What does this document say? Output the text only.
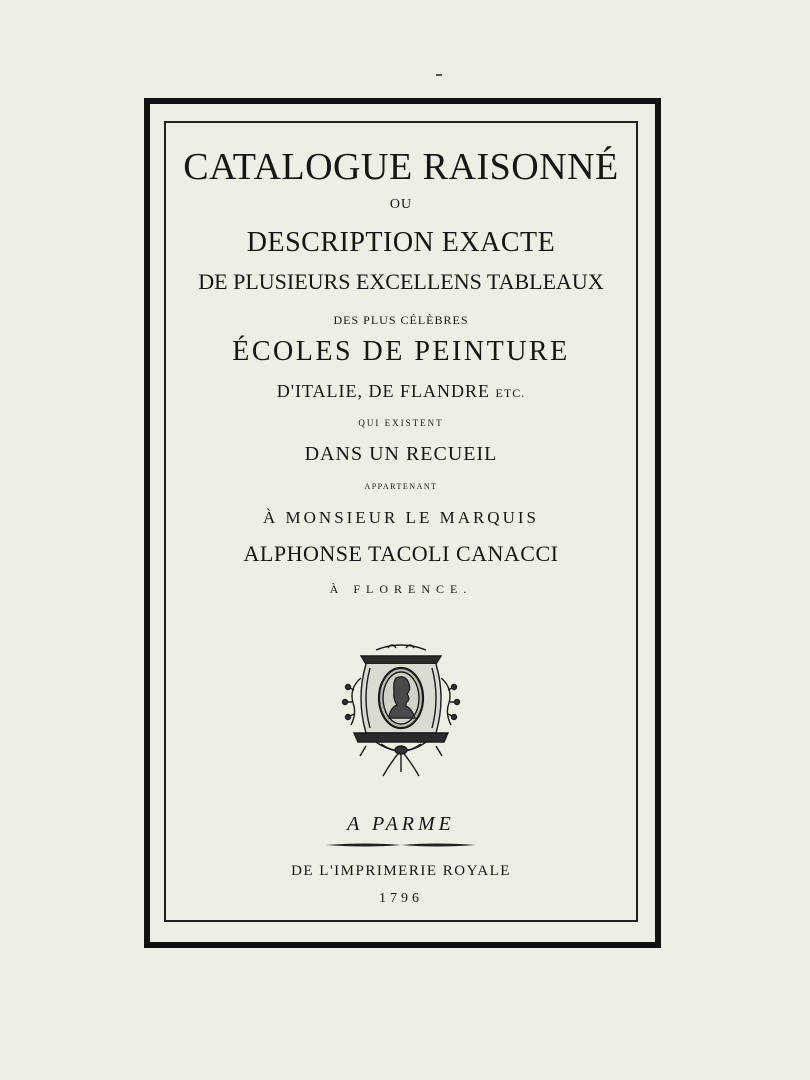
CATALOGUE RAISONNÉ
OU
DESCRIPTION EXACTE
DE PLUSIEURS EXCELLENS TABLEAUX
DES PLUS CÉLÈBRES
ÉCOLES DE PEINTURE
D'ITALIE, DE FLANDRE ETC.
QUI EXISTENT
DANS UN RECUEIL
APPARTENANT
À MONSIEUR LE MARQUIS
ALPHONSE TACOLI CANACCI
À FLORENCE.
A PARME
DE L'IMPRIMERIE ROYALE
1796
